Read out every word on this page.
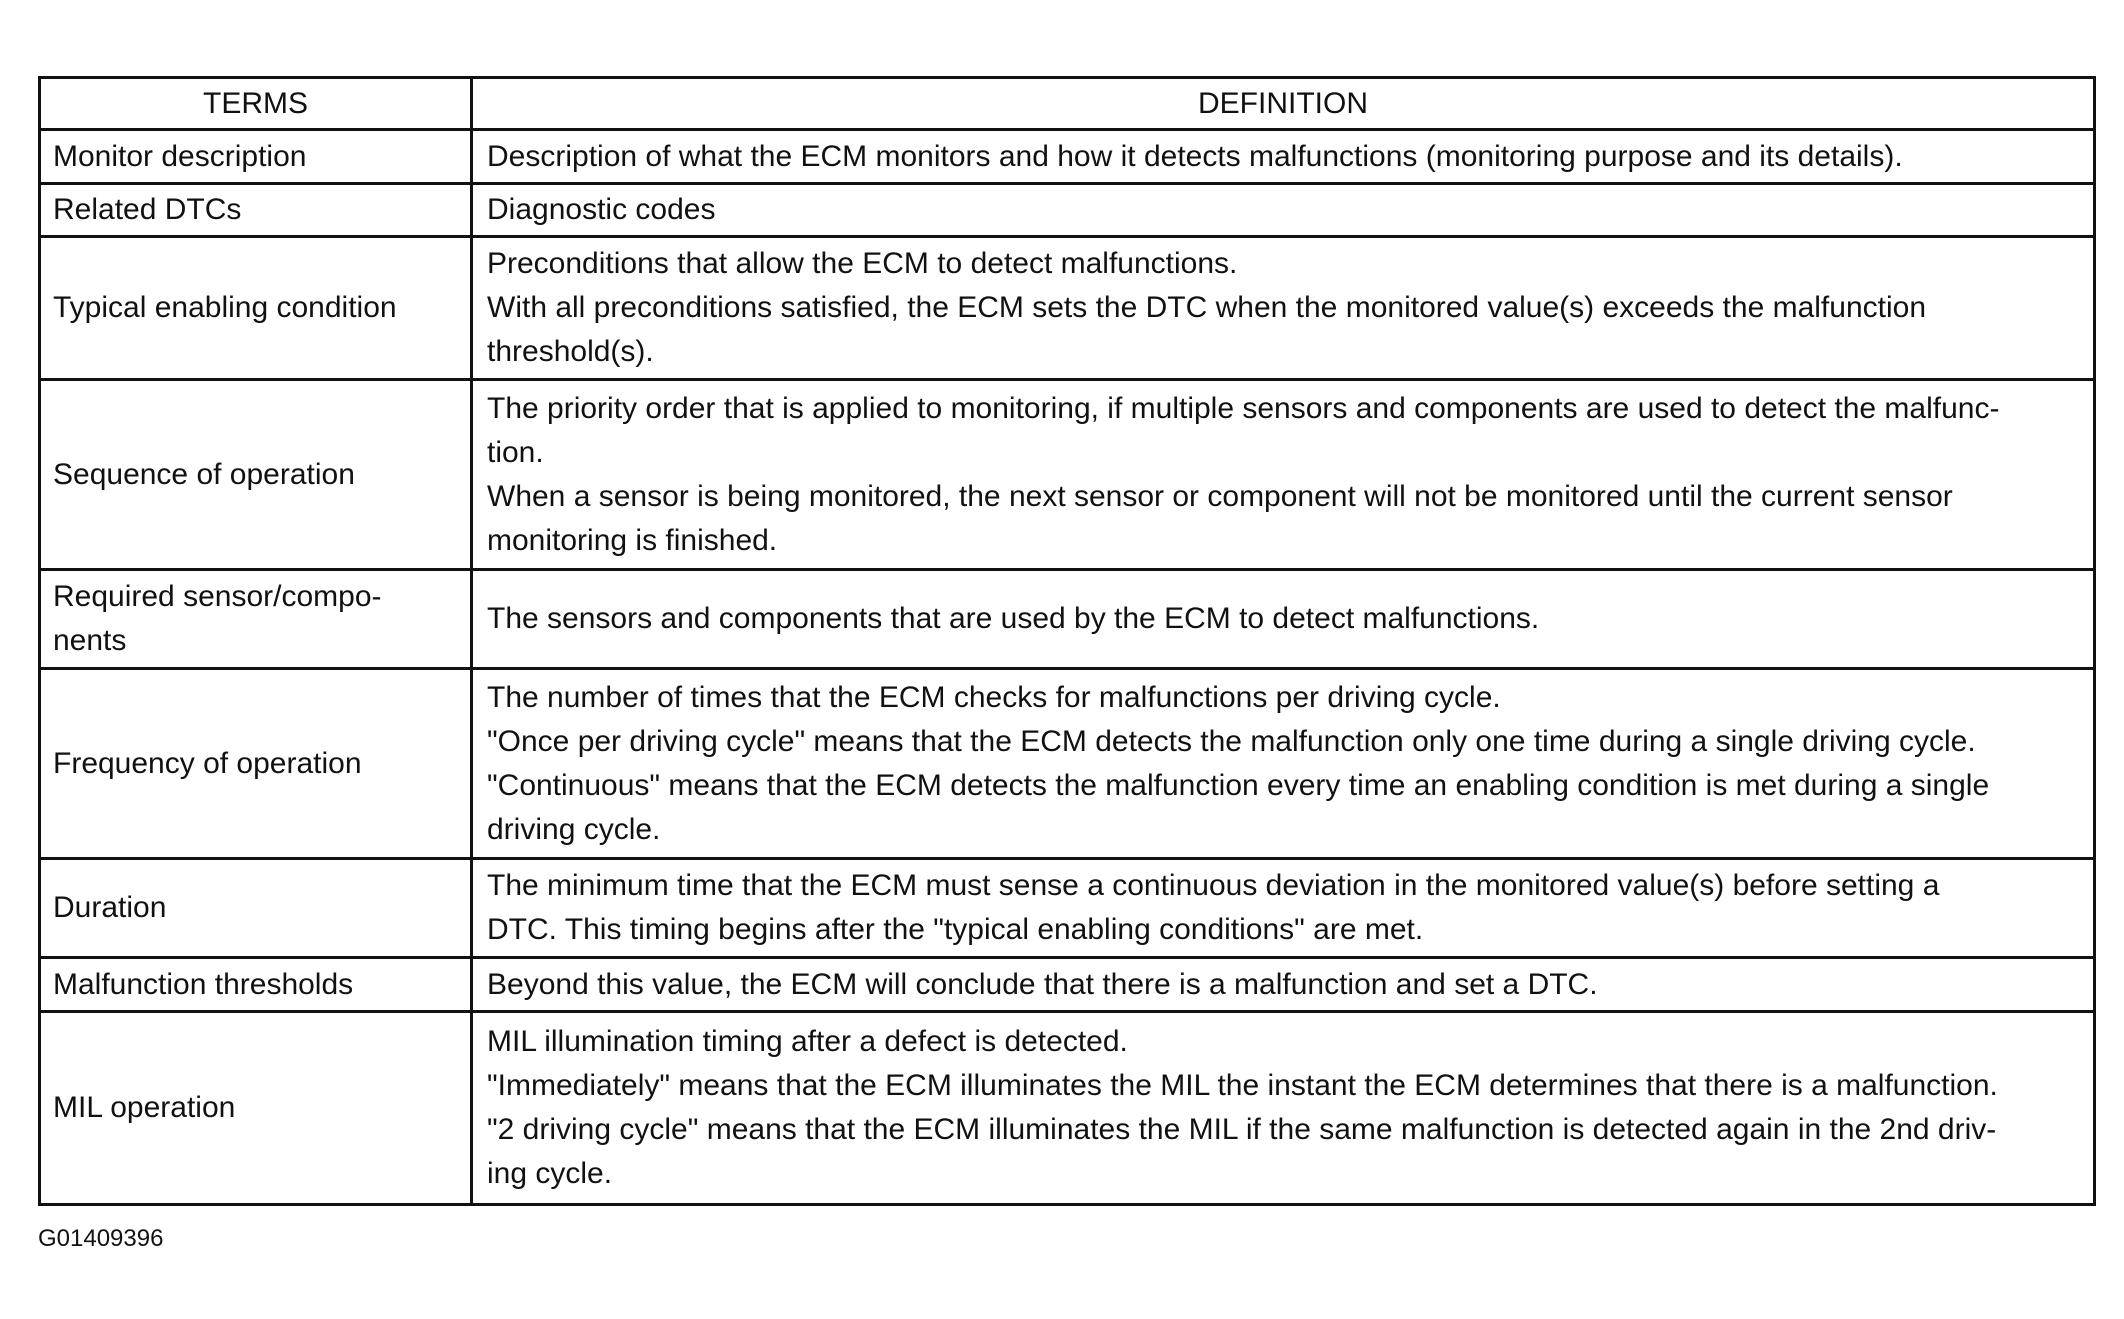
TERMS	DEFINITION

Monitor description	Description of what the ECM monitors and how it detects malfunctions (monitoring purpose and its details).

Related DTCs	Diagnostic codes

Typical enabling condition	Preconditions that allow the ECM to detect malfunctions.
With all preconditions satisfied, the ECM sets the DTC when the monitored value(s) exceeds the malfunction
threshold(s).

Sequence of operation	The priority order that is applied to monitoring, if multiple sensors and components are used to detect the malfunc-
tion.
When a sensor is being monitored, the next sensor or component will not be monitored until the current sensor
monitoring is finished.

Required sensor/compo-
nents	The sensors and components that are used by the ECM to detect malfunctions.

Frequency of operation	The number of times that the ECM checks for malfunctions per driving cycle.
"Once per driving cycle" means that the ECM detects the malfunction only one time during a single driving cycle.
"Continuous" means that the ECM detects the malfunction every time an enabling condition is met during a single
driving cycle.

Duration	The minimum time that the ECM must sense a continuous deviation in the monitored value(s) before setting a
DTC. This timing begins after the "typical enabling conditions" are met.

Malfunction thresholds	Beyond this value, the ECM will conclude that there is a malfunction and set a DTC.

MIL operation	MIL illumination timing after a defect is detected.
"Immediately" means that the ECM illuminates the MIL the instant the ECM determines that there is a malfunction.
"2 driving cycle" means that the ECM illuminates the MIL if the same malfunction is detected again in the 2nd driv-
ing cycle.
G01409396
